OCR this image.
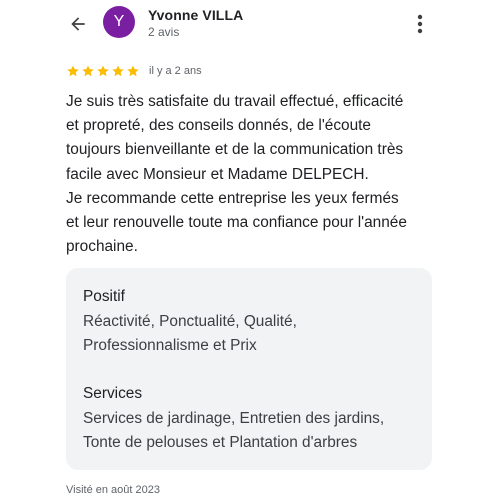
Y Yvonne VILLA
2 avis
il y a 2 ans

Je suis très satisfaite du travail effectué, efficacité

et propreté, des conseils donnés, de l'écoute

toujours bienveillante et de la communication très

facile avec Monsieur et Madame DELPECH.

Je recommande cette entreprise les yeux fermés

et leur renouvelle toute ma confiance pour l'année

prochaine.

Positif

Réactivité, Ponctualité, Qualité,

Professionnalisme et Prix

Services

Services de jardinage, Entretien des jardins,

Tonte de pelouses et Plantation d'arbres

Visité en août 2023
